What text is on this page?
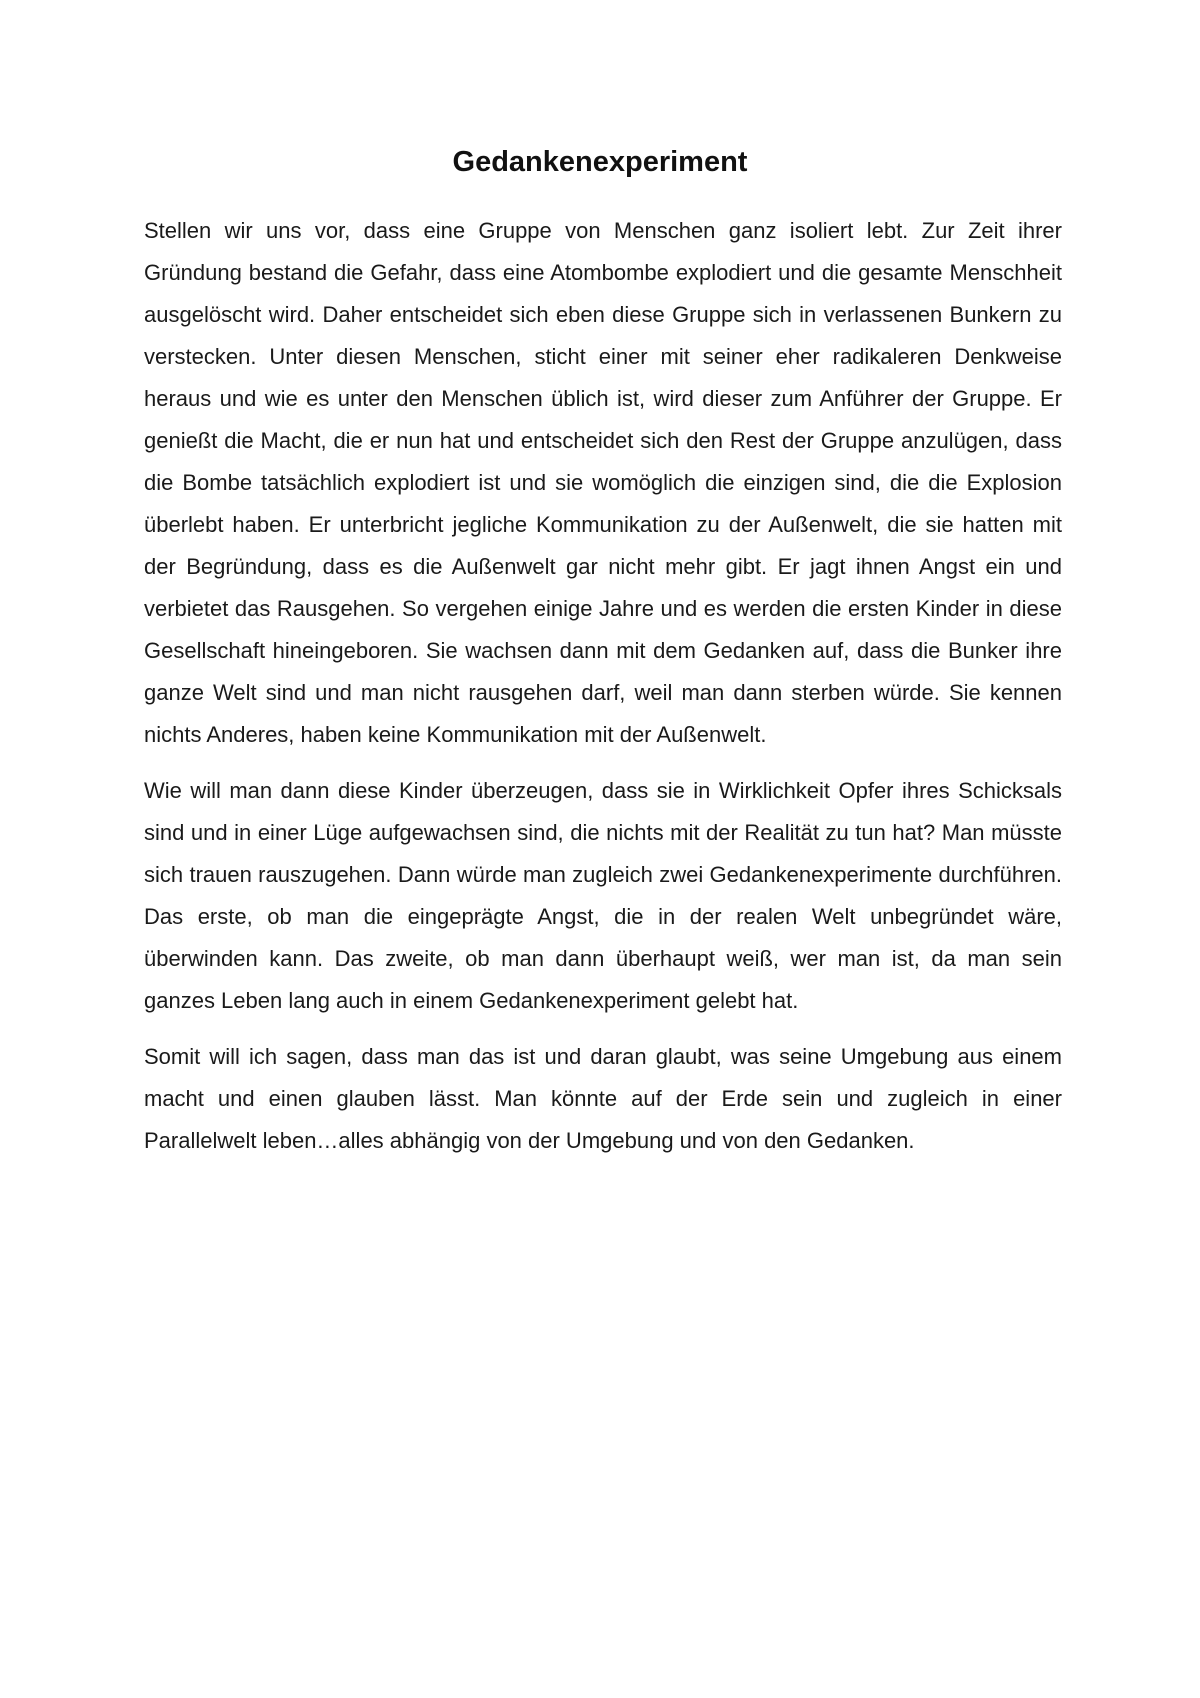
Gedankenexperiment

Stellen wir uns vor, dass eine Gruppe von Menschen ganz isoliert lebt. Zur Zeit ihrer Gründung bestand die Gefahr, dass eine Atombombe explodiert und die gesamte Menschheit ausgelöscht wird. Daher entscheidet sich eben diese Gruppe sich in verlassenen Bunkern zu verstecken. Unter diesen Menschen, sticht einer mit seiner eher radikaleren Denkweise heraus und wie es unter den Menschen üblich ist, wird dieser zum Anführer der Gruppe. Er genießt die Macht, die er nun hat und entscheidet sich den Rest der Gruppe anzulügen, dass die Bombe tatsächlich explodiert ist und sie womöglich die einzigen sind, die die Explosion überlebt haben. Er unterbricht jegliche Kommunikation zu der Außenwelt, die sie hatten mit der Begründung, dass es die Außenwelt gar nicht mehr gibt. Er jagt ihnen Angst ein und verbietet das Rausgehen. So vergehen einige Jahre und es werden die ersten Kinder in diese Gesellschaft hineingeboren. Sie wachsen dann mit dem Gedanken auf, dass die Bunker ihre ganze Welt sind und man nicht rausgehen darf, weil man dann sterben würde. Sie kennen nichts Anderes, haben keine Kommunikation mit der Außenwelt.

Wie will man dann diese Kinder überzeugen, dass sie in Wirklichkeit Opfer ihres Schicksals sind und in einer Lüge aufgewachsen sind, die nichts mit der Realität zu tun hat? Man müsste sich trauen rauszugehen. Dann würde man zugleich zwei Gedankenexperimente durchführen. Das erste, ob man die eingeprägte Angst, die in der realen Welt unbegründet wäre, überwinden kann. Das zweite, ob man dann überhaupt weiß, wer man ist, da man sein ganzes Leben lang auch in einem Gedankenexperiment gelebt hat.

Somit will ich sagen, dass man das ist und daran glaubt, was seine Umgebung aus einem macht und einen glauben lässt. Man könnte auf der Erde sein und zugleich in einer Parallelwelt leben…alles abhängig von der Umgebung und von den Gedanken.
